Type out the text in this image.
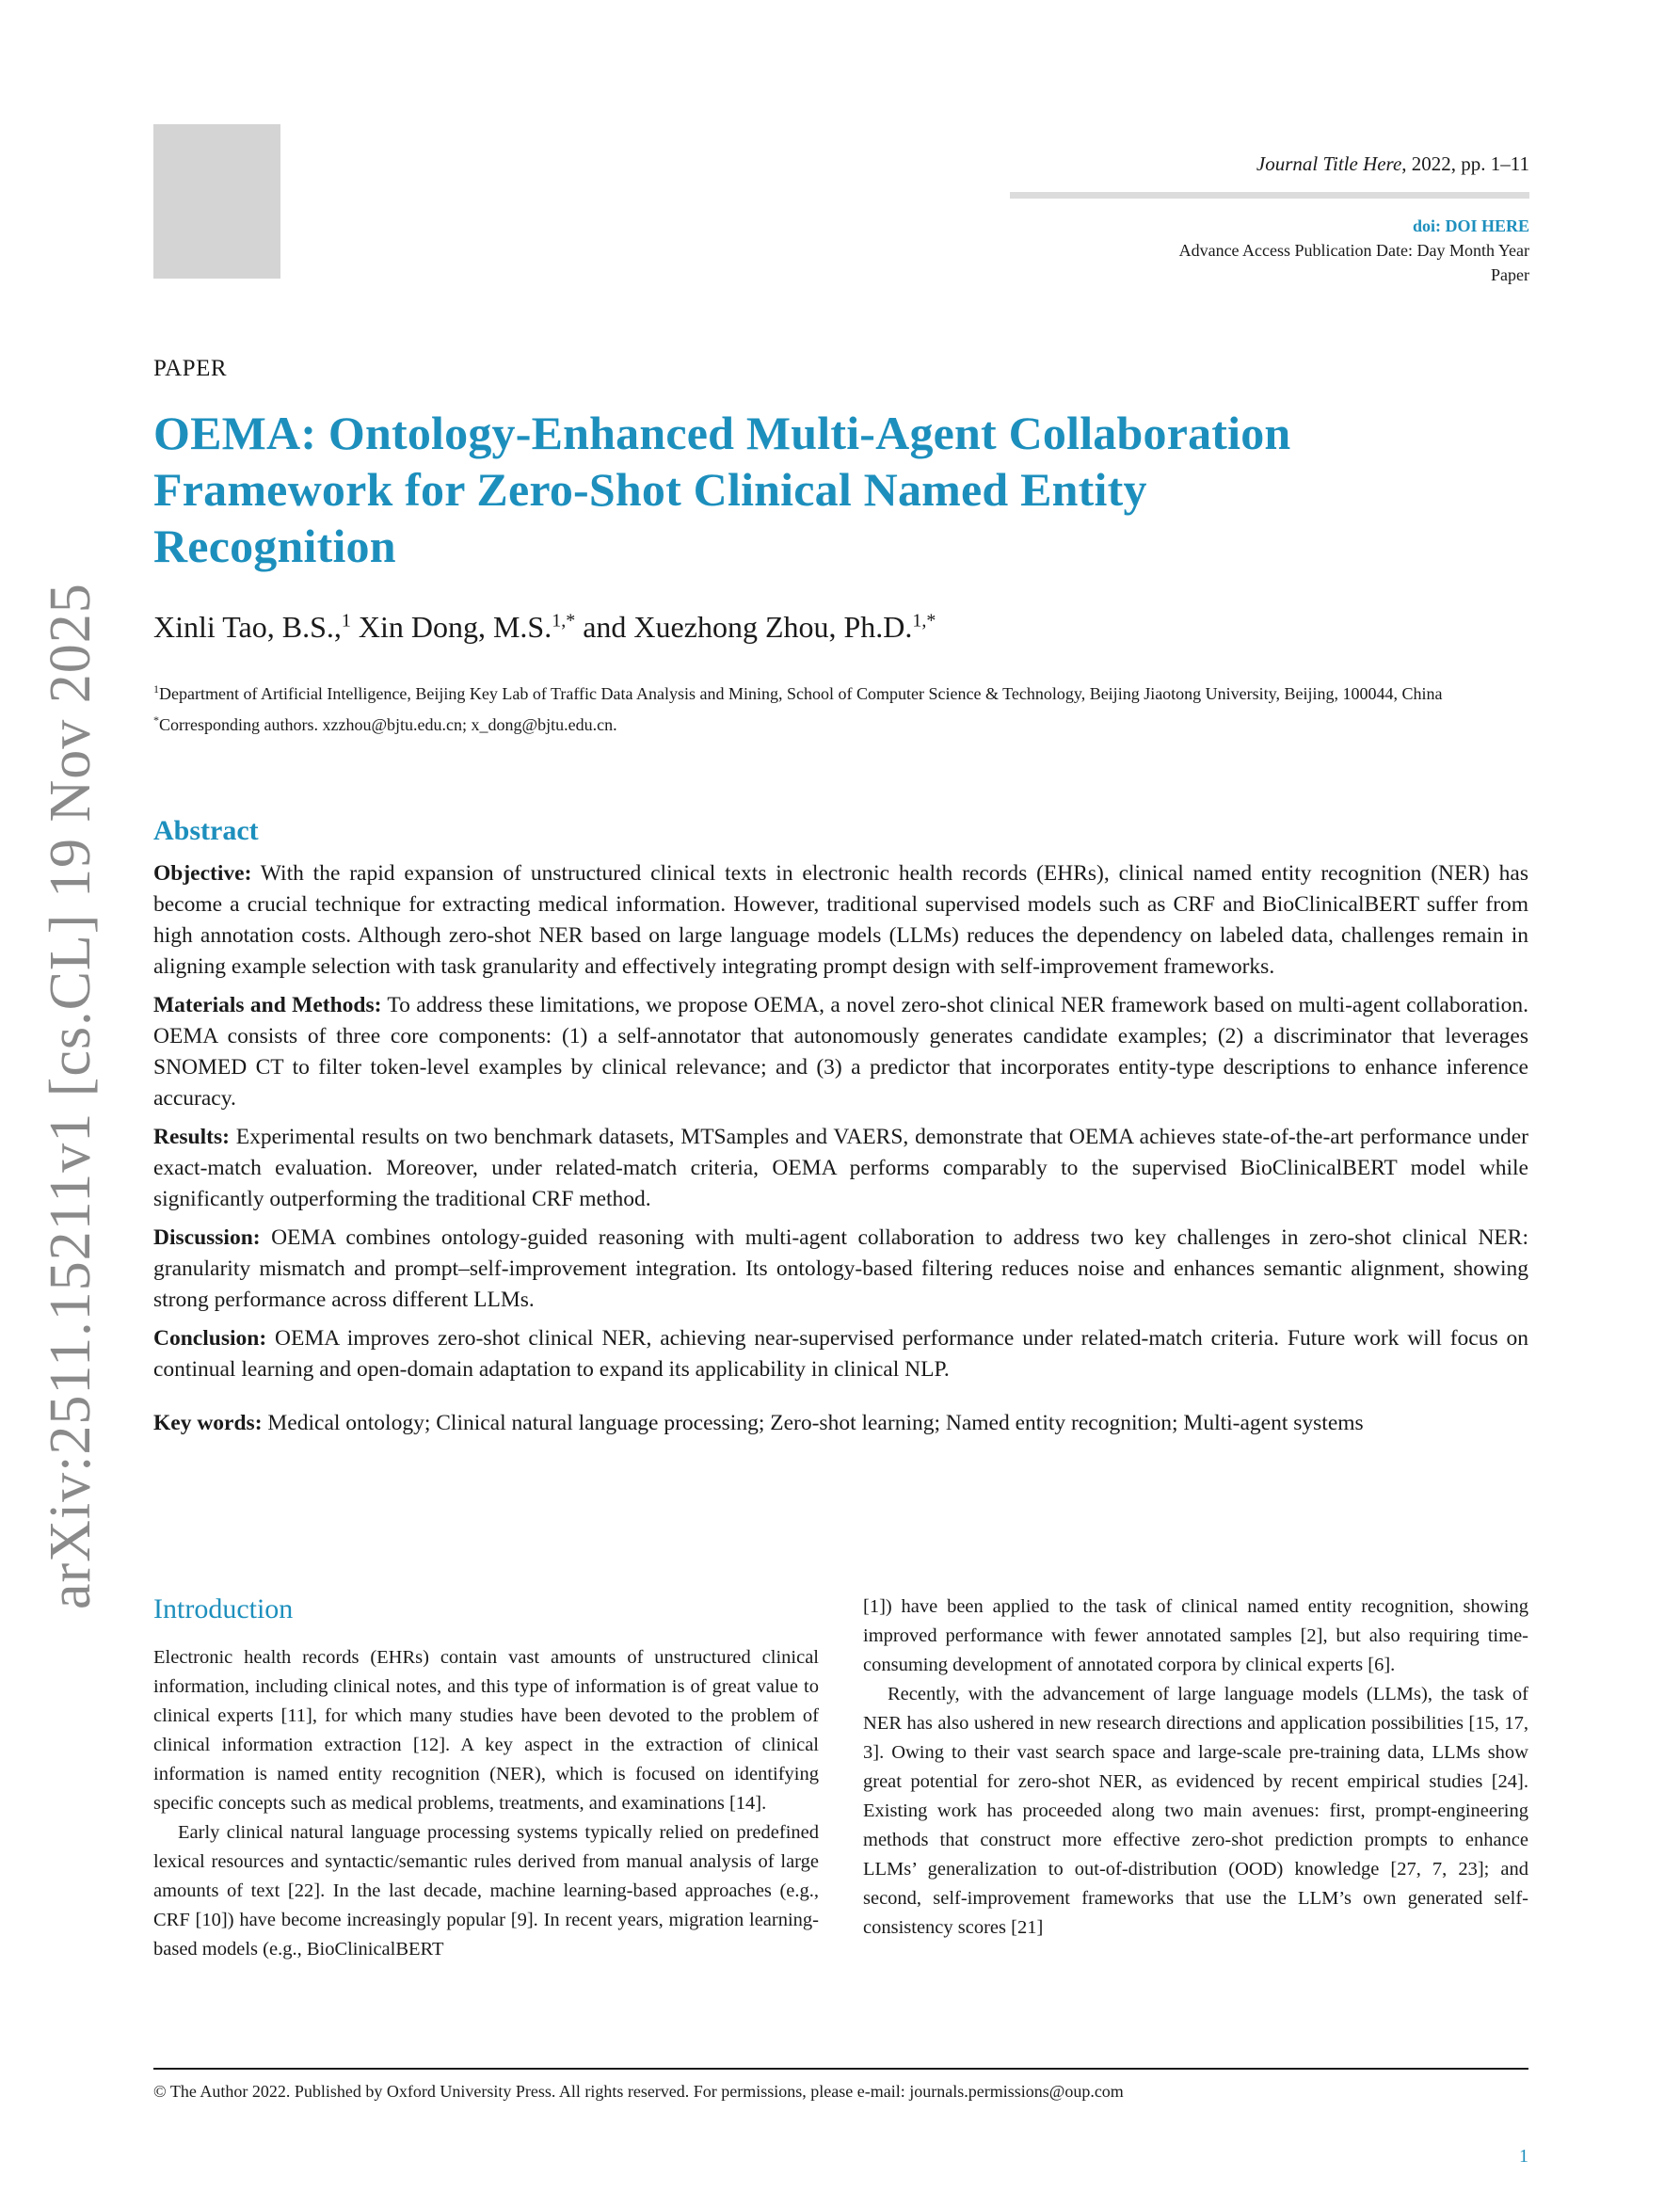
arXiv:2511.15211v1 [cs.CL] 19 Nov 2025
Journal Title Here, 2022, pp. 1–11
doi: DOI HERE
Advance Access Publication Date: Day Month Year
Paper
PAPER
OEMA: Ontology-Enhanced Multi-Agent Collaboration Framework for Zero-Shot Clinical Named Entity Recognition
Xinli Tao, B.S.,$^1$ Xin Dong, M.S.$^{1,*}$ and Xuezhong Zhou, Ph.D.$^{1,*}$
$^1$Department of Artificial Intelligence, Beijing Key Lab of Traffic Data Analysis and Mining, School of Computer Science & Technology, Beijing Jiaotong University, Beijing, 100044, China
*Corresponding authors. xzzhou@bjtu.edu.cn; x_dong@bjtu.edu.cn.
Abstract

Objective: With the rapid expansion of unstructured clinical texts in electronic health records (EHRs), clinical named entity recognition (NER) has become a crucial technique for extracting medical information. However, traditional supervised models such as CRF and BioClinicalBERT suffer from high annotation costs. Although zero-shot NER based on large language models (LLMs) reduces the dependency on labeled data, challenges remain in aligning example selection with task granularity and effectively integrating prompt design with self-improvement frameworks.

Materials and Methods: To address these limitations, we propose OEMA, a novel zero-shot clinical NER framework based on multi-agent collaboration. OEMA consists of three core components: (1) a self-annotator that autonomously generates candidate examples; (2) a discriminator that leverages SNOMED CT to filter token-level examples by clinical relevance; and (3) a predictor that incorporates entity-type descriptions to enhance inference accuracy.

Results: Experimental results on two benchmark datasets, MTSamples and VAERS, demonstrate that OEMA achieves state-of-the-art performance under exact-match evaluation. Moreover, under related-match criteria, OEMA performs comparably to the supervised BioClinicalBERT model while significantly outperforming the traditional CRF method.

Discussion: OEMA combines ontology-guided reasoning with multi-agent collaboration to address two key challenges in zero-shot clinical NER: granularity mismatch and prompt–self-improvement integration. Its ontology-based filtering reduces noise and enhances semantic alignment, showing strong performance across different LLMs.

Conclusion: OEMA improves zero-shot clinical NER, achieving near-supervised performance under related-match criteria. Future work will focus on continual learning and open-domain adaptation to expand its applicability in clinical NLP.

Key words: Medical ontology; Clinical natural language processing; Zero-shot learning; Named entity recognition; Multi-agent systems

Introduction

Electronic health records (EHRs) contain vast amounts of unstructured clinical information, including clinical notes, and this type of information is of great value to clinical experts [11], for which many studies have been devoted to the problem of clinical information extraction [12]. A key aspect in the extraction of clinical information is named entity recognition (NER), which is focused on identifying specific concepts such as medical problems, treatments, and examinations [14].

Early clinical natural language processing systems typically relied on predefined lexical resources and syntactic/semantic rules derived from manual analysis of large amounts of text [22]. In the last decade, machine learning-based approaches (e.g., CRF [10]) have become increasingly popular [9]. In recent years, migration learning-based models (e.g., BioClinicalBERT

[1]) have been applied to the task of clinical named entity recognition, showing improved performance with fewer annotated samples [2], but also requiring time-consuming development of annotated corpora by clinical experts [6].

Recently, with the advancement of large language models (LLMs), the task of NER has also ushered in new research directions and application possibilities [15, 17, 3]. Owing to their vast search space and large-scale pre-training data, LLMs show great potential for zero-shot NER, as evidenced by recent empirical studies [24]. Existing work has proceeded along two main avenues: first, prompt-engineering methods that construct more effective zero-shot prediction prompts to enhance LLMs’ generalization to out-of-distribution (OOD) knowledge [27, 7, 23]; and second, self-improvement frameworks that use the LLM’s own generated self-consistency scores [21]

© The Author 2022. Published by Oxford University Press. All rights reserved. For permissions, please e-mail: journals.permissions@oup.com
1
